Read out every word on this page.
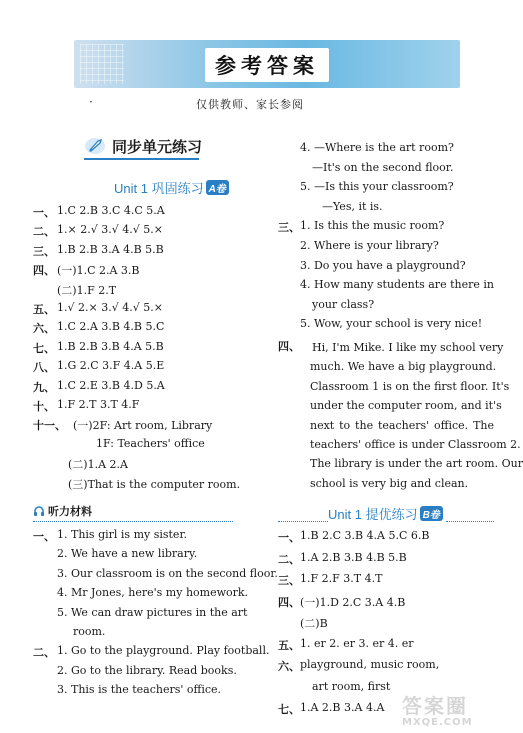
参考答案
·	仅供教师、家长参阅
同步单元练习
Unit 1 巩固练习 A卷
一、 1.C 2.B 3.C 4.C 5.A
二、 1.× 2.√ 3.√ 4.√ 5.×
三、 1.B 2.B 3.A 4.B 5.B
四、 (一)1.C 2.A 3.B
(二)1.F 2.T
五、 1.√ 2.× 3.√ 4.√ 5.×
六、 1.C 2.A 3.B 4.B 5.C
七、 1.B 2.B 3.B 4.A 5.B
八、 1.G 2.C 3.F 4.A 5.E
九、 1.C 2.E 3.B 4.D 5.A
十、 1.F 2.T 3.T 4.F
十一、 (一)2F: Art room, Library
1F: Teachers' office
(二)1.A 2.A
(三)That is the computer room.
听力材料
一、 1. This girl is my sister.
2. We have a new library.
3. Our classroom is on the second floor.
4. Mr Jones, here's my homework.
5. We can draw pictures in the art
room.
二、 1. Go to the playground. Play football.
2. Go to the library. Read books.
3. This is the teachers' office.
4. —Where is the art room?
—It's on the second floor.
5. —Is this your classroom?
—Yes, it is.
三、 1. Is this the music room?
2. Where is your library?
3. Do you have a playground?
4. How many students are there in
your class?
5. Wow, your school is very nice!
四、 Hi, I'm Mike. I like my school very
much. We have a big playground.
Classroom 1 is on the first floor. It's
under the computer room, and it's
next to the teachers' office. The
teachers' office is under Classroom 2.
The library is under the art room. Our
school is very big and clean.
Unit 1 提优练习 B卷
一、 1.B 2.C 3.B 4.A 5.C 6.B
二、 1.A 2.B 3.B 4.B 5.B
三、 1.F 2.F 3.T 4.T
四、 (一)1.D 2.C 3.A 4.B
(二)B
五、 1. er 2. er 3. er 4. er
六、 playground, music room,
art room, first
七、 1.A 2.B 3.A 4.A 答案圈
MXQE.COM
